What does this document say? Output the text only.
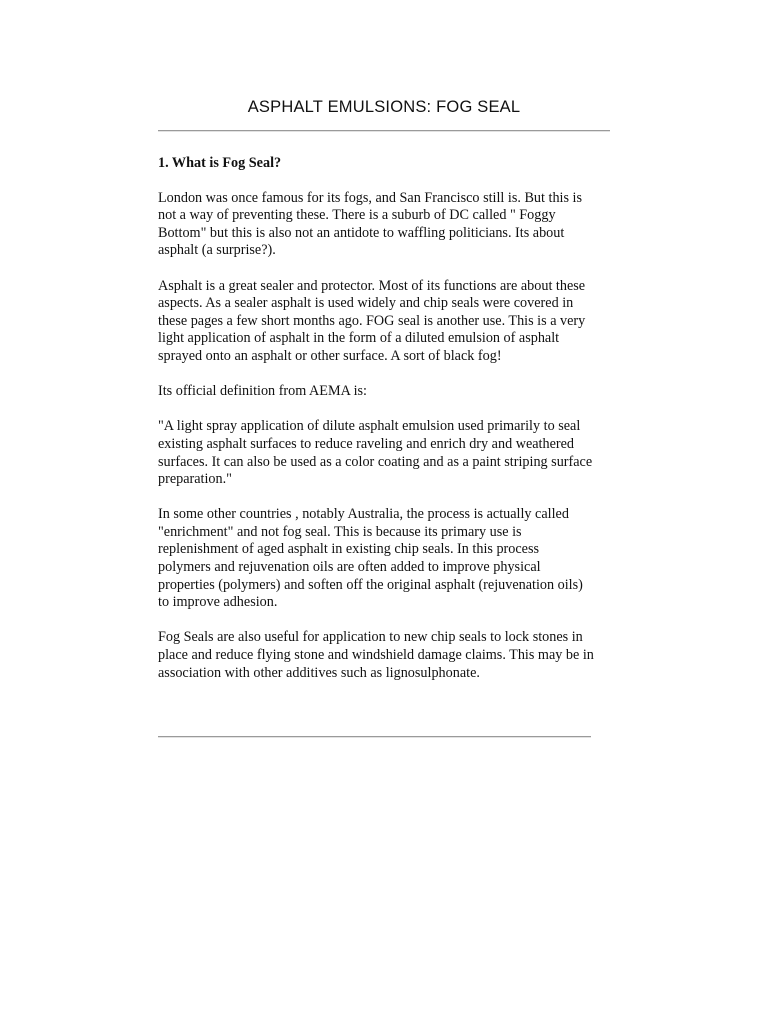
ASPHALT EMULSIONS: FOG SEAL
1. What is Fog Seal?

London was once famous for its fogs, and San Francisco still is. But this is not a way of preventing these. There is a suburb of DC called " Foggy Bottom" but this is also not an antidote to waffling politicians. Its about asphalt (a surprise?).

Asphalt is a great sealer and protector. Most of its functions are about these aspects. As a sealer asphalt is used widely and chip seals were covered in these pages a few short months ago. FOG seal is another use. This is a very light application of asphalt in the form of a diluted emulsion of asphalt sprayed onto an asphalt or other surface. A sort of black fog!

Its official definition from AEMA is:

"A light spray application of dilute asphalt emulsion used primarily to seal existing asphalt surfaces to reduce raveling and enrich dry and weathered surfaces. It can also be used as a color coating and as a paint striping surface preparation."

In some other countries , notably Australia, the process is actually called "enrichment" and not fog seal. This is because its primary use is replenishment of aged asphalt in existing chip seals. In this process polymers and rejuvenation oils are often added to improve physical properties (polymers) and soften off the original asphalt (rejuvenation oils) to improve adhesion.

Fog Seals are also useful for application to new chip seals to lock stones in place and reduce flying stone and windshield damage claims. This may be in association with other additives such as lignosulphonate.
